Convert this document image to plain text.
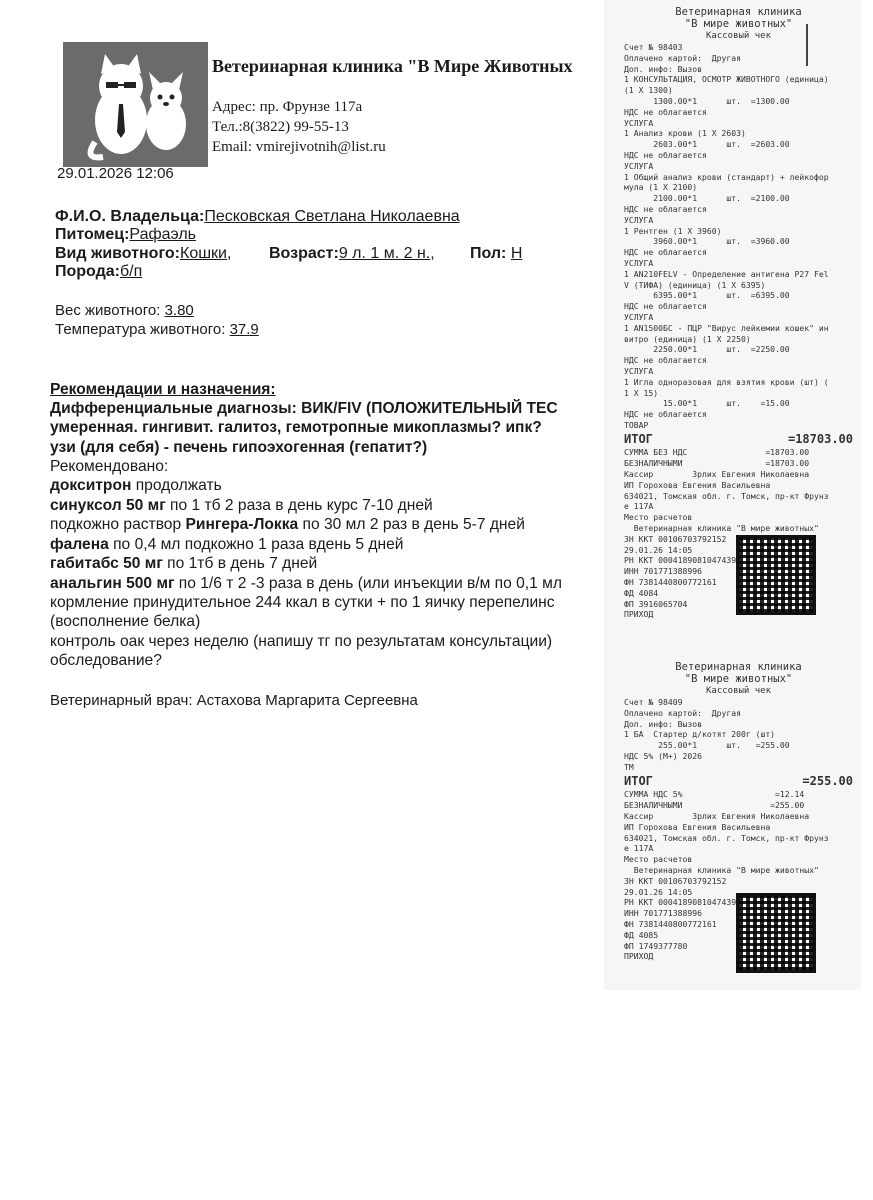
Ветеринарная клиника "В Мире Животных
Адрес: пр. Фрунзе 117а
Тел.:8(3822) 99-55-13
Email: vmirejivotnih@list.ru
29.01.2026 12:06
Ф.И.О. Владельца:Песковская Светлана Николаевна
Питомец:Рафаэль
Вид животного:Кошки, Возраст:9 л. 1 м. 2 н., Пол: Н
Порода:б/п
Вес животного: 3.80
Температура животного: 37.9
Рекомендации и назначения:
Дифференциальные диагнозы: ВИК/FIV (ПОЛОЖИТЕЛЬНЫЙ ТЕС
умеренная. гингивит. галитоз, гемотропные микоплазмы? ипк?
узи (для себя) - печень гипоэхогенная (гепатит?)
Рекомендовано:
докситрон продолжать
синуксол 50 мг по 1 тб 2 раза в день курс 7-10 дней
подкожно раствор Рингера-Локка по 30 мл 2 раз в день 5-7 дней
фалена по 0,4 мл подкожно 1 раза вдень 5 дней
габитабс 50 мг по 1тб в день 7 дней
анальгин 500 мг по 1/6 т 2 -3 раза в день (или инъекции в/м по 0,1 мл
кормление принудительное 244 ккал в сутки + по 1 яичку перепелинс
(восполнение белка)
контроль оак через неделю (напишу тг по результатам консультации)
обследование?
Ветеринарный врач: Астахова Маргарита Сергеевна
Ветеринарная клиника
"В мире животных"
Кассовый чек
Счет № 98403
Оплачено картой:  Другая
Доп. инфо: Вызов
1 КОНСУЛЬТАЦИЯ, ОСМОТР ЖИВОТНОГО (единица)
(1 Х 1300)
1300.00*1      шт.  =1300.00
НДС не облагается
УСЛУГА
1 Анализ крови (1 Х 2603)
2603.00*1      шт.  =2603.00
НДС не облагается
УСЛУГА
1 Общий анализ крови (стандарт) + лейкофор
мула (1 Х 2100)
2100.00*1      шт.  =2100.00
НДС не облагается
УСЛУГА
1 Рентген (1 Х 3960)
3960.00*1      шт.  =3960.00
НДС не облагается
УСЛУГА
1 AN210FELV - Определение антигена Р27 Fel
V (ТИФА) (единица) (1 Х 6395)
6395.00*1      шт.  =6395.00
НДС не облагается
УСЛУГА
1 AN1500БС - ПЦР "Вирус лейкемии кошек" ин
витро (единица) (1 Х 2250)
2250.00*1      шт.  =2250.00
НДС не облагается
УСЛУГА
1 Игла одноразовая для взятия крови (шт) (
1 Х 15)
15.00*1      шт.    =15.00
НДС не облагается
ТОВАР
ИТОГ	=18703.00
СУММА БЕЗ НДС                =18703.00
БЕЗНАЛИЧНЫМИ                 =18703.00
Кассир        Зрлих Евгения Николаевна
ИП Горохова Евгения Васильевна
634021, Томская обл. г. Томск, пр-кт Фрунз
е 117А
Место расчетов
Ветеринарная клиника "В мире животных"
ЗН ККТ 00106703792152
29.01.26 14:05
РН ККТ 0004189081047439
ИНН 701771388996
ФН 7381440800772161
ФД 4084
ФП 3916065704
ПРИХОД
Ветеринарная клиника
"В мире животных"
Кассовый чек
Счет № 98409
Оплачено картой:  Другая
Доп. инфо: Вызов
1 БА  Стартер д/котят 200г (шт)
255.00*1      шт.   =255.00
НДС 5% (М+) 2026
ТМ
ИТОГ	=255.00
СУММА НДС 5%                   =12.14
БЕЗНАЛИЧНЫМИ                  =255.00
Кассир        Зрлих Евгения Николаевна
ИП Горохова Евгения Васильевна
634021, Томская обл. г. Томск, пр-кт Фрунз
е 117А
Место расчетов
Ветеринарная клиника "В мире животных"
ЗН ККТ 00106703792152
29.01.26 14:05
РН ККТ 0004189081047439
ИНН 701771388996
ФН 7381440800772161
ФД 4085
ФП 1749377780
ПРИХОД
